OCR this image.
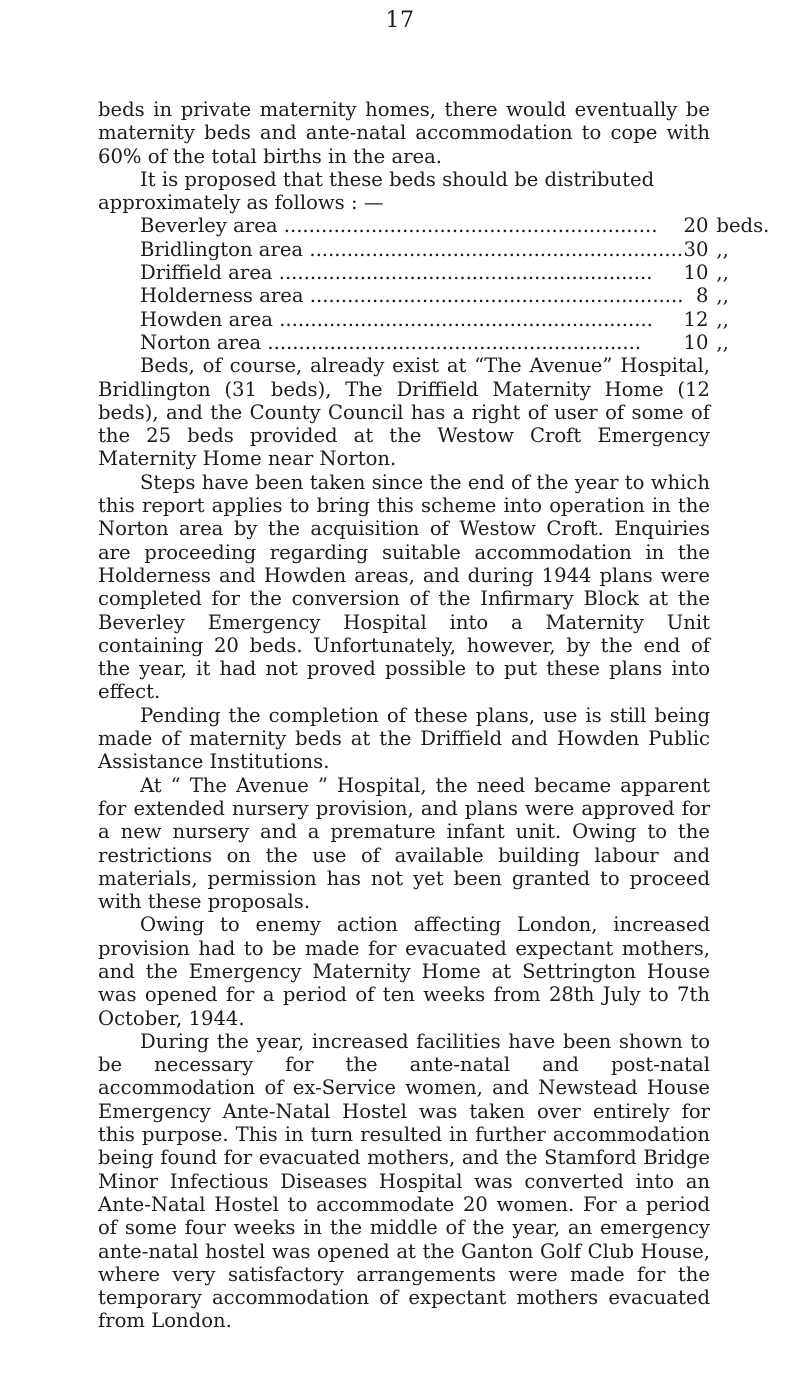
17

beds in private maternity homes, there would eventually be maternity beds and ante-natal accommodation to cope with 60% of the total births in the area.

It is proposed that these beds should be distributed approximately as follows : —

Beverley area .....	20	beds.
Bridlington area .....	30	,,
Driffield area .....	10	,,
Holderness area .....	8	,,
Howden area .....	12	,,
Norton area .....	10	,,

Beds, of course, already exist at “The Avenue” Hospital, Bridlington (31 beds), The Driffield Maternity Home (12 beds), and the County Council has a right of user of some of the 25 beds provided at the Westow Croft Emergency Maternity Home near Norton.

Steps have been taken since the end of the year to which this report applies to bring this scheme into operation in the Norton area by the acquisition of Westow Croft. Enquiries are proceeding regarding suitable accommodation in the Holderness and Howden areas, and during 1944 plans were completed for the conversion of the Infirmary Block at the Beverley Emergency Hospital into a Maternity Unit containing 20 beds. Unfortunately, however, by the end of the year, it had not proved possible to put these plans into effect.

Pending the completion of these plans, use is still being made of maternity beds at the Driffield and Howden Public Assistance Institutions.

At “ The Avenue ” Hospital, the need became apparent for extended nursery provision, and plans were approved for a new nursery and a premature infant unit. Owing to the restrictions on the use of available building labour and materials, permission has not yet been granted to proceed with these proposals.

Owing to enemy action affecting London, increased provision had to be made for evacuated expectant mothers, and the Emergency Maternity Home at Settrington House was opened for a period of ten weeks from 28th July to 7th October, 1944.

During the year, increased facilities have been shown to be necessary for the ante-natal and post-natal accommodation of ex-Service women, and Newstead House Emergency Ante-Natal Hostel was taken over entirely for this purpose. This in turn resulted in further accommodation being found for evacuated mothers, and the Stamford Bridge Minor Infectious Diseases Hospital was converted into an Ante-Natal Hostel to accommodate 20 women. For a period of some four weeks in the middle of the year, an emergency ante-natal hostel was opened at the Ganton Golf Club House, where very satisfactory arrangements were made for the temporary accommodation of expectant mothers evacuated from London.
